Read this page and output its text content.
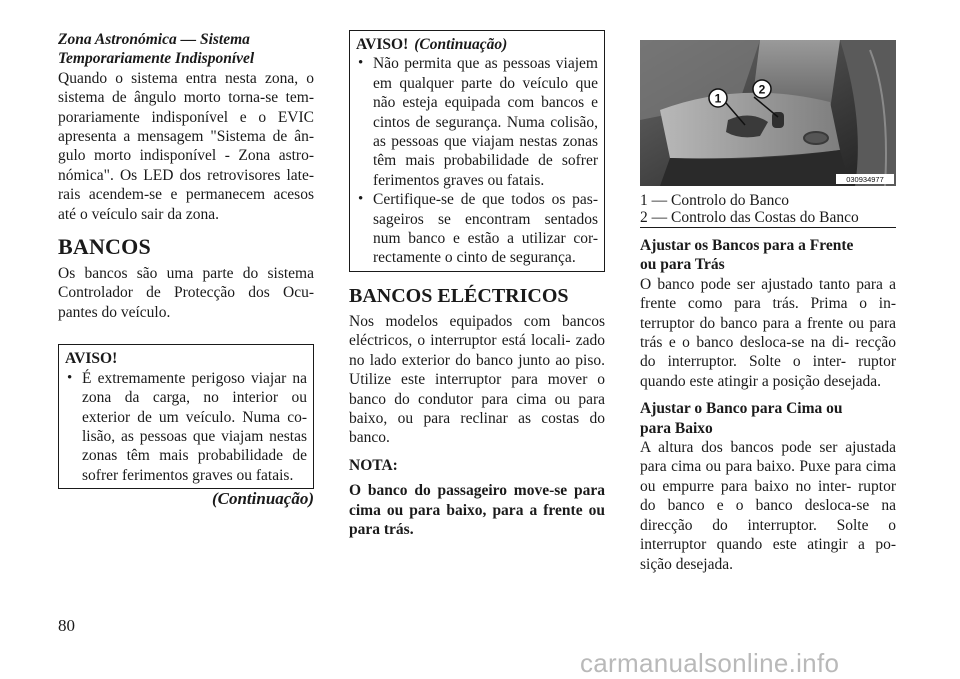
Zona Astronómica — Sistema
Temporariamente Indisponível

Quando o sistema entra nesta zona, o sistema de ângulo morto torna-se tem- porariamente indisponível e o EVIC apresenta a mensagem "Sistema de ân- gulo morto indisponível - Zona astro- nómica". Os LED dos retrovisores late- rais acendem-se e permanecem acesos até o veículo sair da zona.

BANCOS

Os bancos são uma parte do sistema Controlador de Protecção dos Ocu- pantes do veículo.

AVISO!

• É extremamente perigoso viajar na zona da carga, no interior ou exterior de um veículo. Numa co- lisão, as pessoas que viajam nestas zonas têm mais probabilidade de sofrer ferimentos graves ou fatais.
(Continuação)

AVISO! (Continuação)

• Não permita que as pessoas viajem em qualquer parte do veículo que não esteja equipada com bancos e cintos de segurança. Numa colisão, as pessoas que viajam nestas zonas têm mais probabilidade de sofrer ferimentos graves ou fatais.
• Certifique-se de que todos os pas- sageiros se encontram sentados num banco e estão a utilizar cor- rectamente o cinto de segurança.
BANCOS ELÉCTRICOS

Nos modelos equipados com bancos eléctricos, o interruptor está locali- zado no lado exterior do banco junto ao piso. Utilize este interruptor para mover o banco do condutor para cima ou para baixo, ou para reclinar as costas do banco.

NOTA:

O banco do passageiro move-se para cima ou para baixo, para a frente ou para trás.

1
2
030934977

1 — Controlo do Banco

2 — Controlo das Costas do Banco

Ajustar os Bancos para a Frente
ou para Trás

O banco pode ser ajustado tanto para a frente como para trás. Prima o in- terruptor do banco para a frente ou para trás e o banco desloca-se na di- recção do interruptor. Solte o inter- ruptor quando este atingir a posição desejada.

Ajustar o Banco para Cima ou
para Baixo

A altura dos bancos pode ser ajustada para cima ou para baixo. Puxe para cima ou empurre para baixo no inter- ruptor do banco e o banco desloca-se na direcção do interruptor. Solte o interruptor quando este atingir a po- sição desejada.

80
carmanualsonline.info
